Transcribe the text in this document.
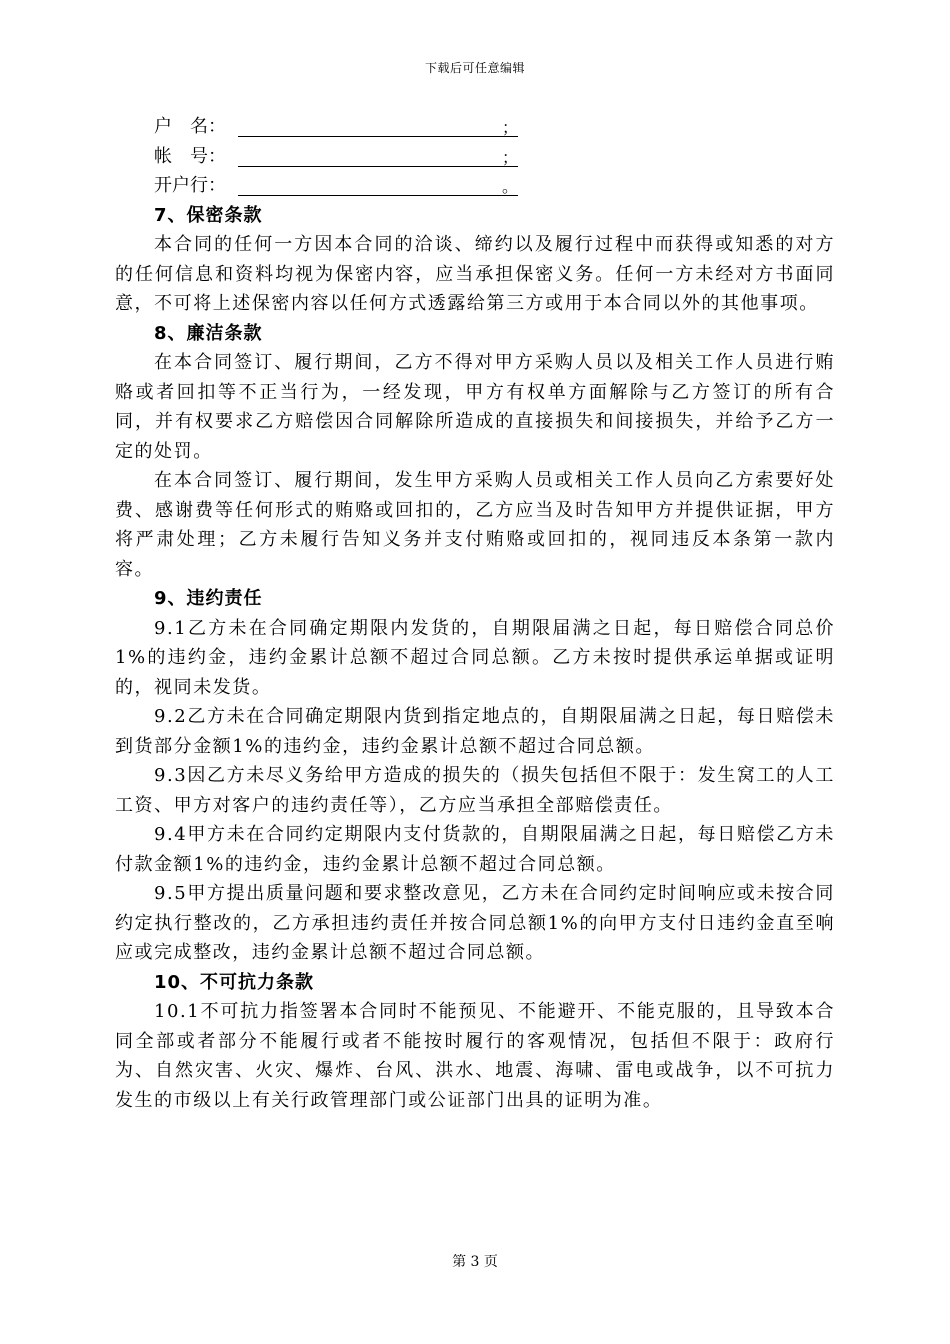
下载后可任意编辑
户　名：	；
帐　号：	；
开户行：	。
7、保密条款
本合同的任何一方因本合同的洽谈、缔约以及履行过程中而获得或知悉的对方的任何信息和资料均视为保密内容，应当承担保密义务。任何一方未经对方书面同意，不可将上述保密内容以任何方式透露给第三方或用于本合同以外的其他事项。
8、廉洁条款
在本合同签订、履行期间，乙方不得对甲方采购人员以及相关工作人员进行贿赂或者回扣等不正当行为，一经发现，甲方有权单方面解除与乙方签订的所有合同，并有权要求乙方赔偿因合同解除所造成的直接损失和间接损失，并给予乙方一定的处罚。
在本合同签订、履行期间，发生甲方采购人员或相关工作人员向乙方索要好处费、感谢费等任何形式的贿赂或回扣的，乙方应当及时告知甲方并提供证据，甲方将严肃处理；乙方未履行告知义务并支付贿赂或回扣的，视同违反本条第一款内容。
9、违约责任
9.1乙方未在合同确定期限内发货的，自期限届满之日起，每日赔偿合同总价1%的违约金，违约金累计总额不超过合同总额。乙方未按时提供承运单据或证明的，视同未发货。
9.2乙方未在合同确定期限内货到指定地点的，自期限届满之日起，每日赔偿未到货部分金额1%的违约金，违约金累计总额不超过合同总额。
9.3因乙方未尽义务给甲方造成的损失的（损失包括但不限于：发生窝工的人工工资、甲方对客户的违约责任等），乙方应当承担全部赔偿责任。
9.4甲方未在合同约定期限内支付货款的，自期限届满之日起，每日赔偿乙方未付款金额1%的违约金，违约金累计总额不超过合同总额。
9.5甲方提出质量问题和要求整改意见，乙方未在合同约定时间响应或未按合同约定执行整改的，乙方承担违约责任并按合同总额1%的向甲方支付日违约金直至响应或完成整改，违约金累计总额不超过合同总额。
10、不可抗力条款
10.1不可抗力指签署本合同时不能预见、不能避开、不能克服的，且导致本合同全部或者部分不能履行或者不能按时履行的客观情况，包括但不限于：政府行为、自然灾害、火灾、爆炸、台风、洪水、地震、海啸、雷电或战争，以不可抗力发生的市级以上有关行政管理部门或公证部门出具的证明为准。
第 3 页
